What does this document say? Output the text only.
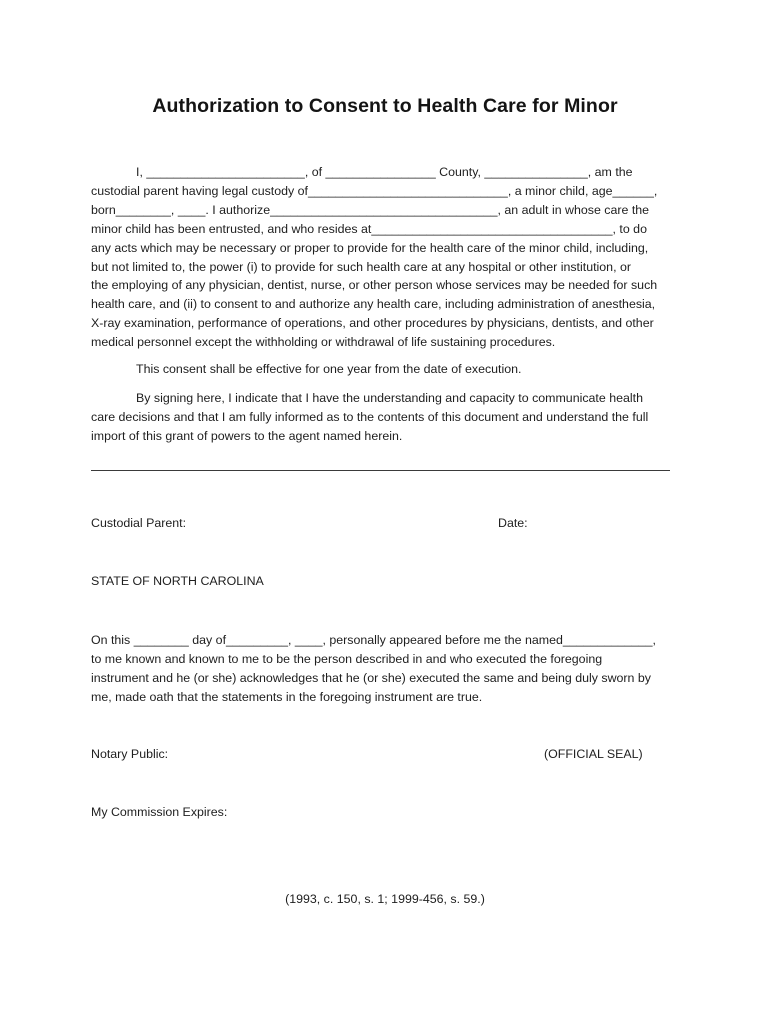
Authorization to Consent to Health Care for Minor
I, _______________________, of ________________ County, _______________, am the
custodial parent having legal custody of_____________________________, a minor child, age______,
born________, ____. I authorize_________________________________, an adult in whose care the
minor child has been entrusted, and who resides at___________________________________, to do
any acts which may be necessary or proper to provide for the health care of the minor child, including,
but not limited to, the power (i) to provide for such health care at any hospital or other institution, or
the employing of any physician, dentist, nurse, or other person whose services may be needed for such
health care, and (ii) to consent to and authorize any health care, including administration of anesthesia,
X-ray examination, performance of operations, and other procedures by physicians, dentists, and other
medical personnel except the withholding or withdrawal of life sustaining procedures.
This consent shall be effective for one year from the date of execution.
By signing here, I indicate that I have the understanding and capacity to communicate health
care decisions and that I am fully informed as to the contents of this document and understand the full
import of this grant of powers to the agent named herein.
Custodial Parent:	Date:
STATE OF NORTH CAROLINA
On this ________ day of_________, ____, personally appeared before me the named_____________,
to me known and known to me to be the person described in and who executed the foregoing
instrument and he (or she) acknowledges that he (or she) executed the same and being duly sworn by
me, made oath that the statements in the foregoing instrument are true.
Notary Public:	(OFFICIAL SEAL)
My Commission Expires:
(1993, c. 150, s. 1; 1999-456, s. 59.)
